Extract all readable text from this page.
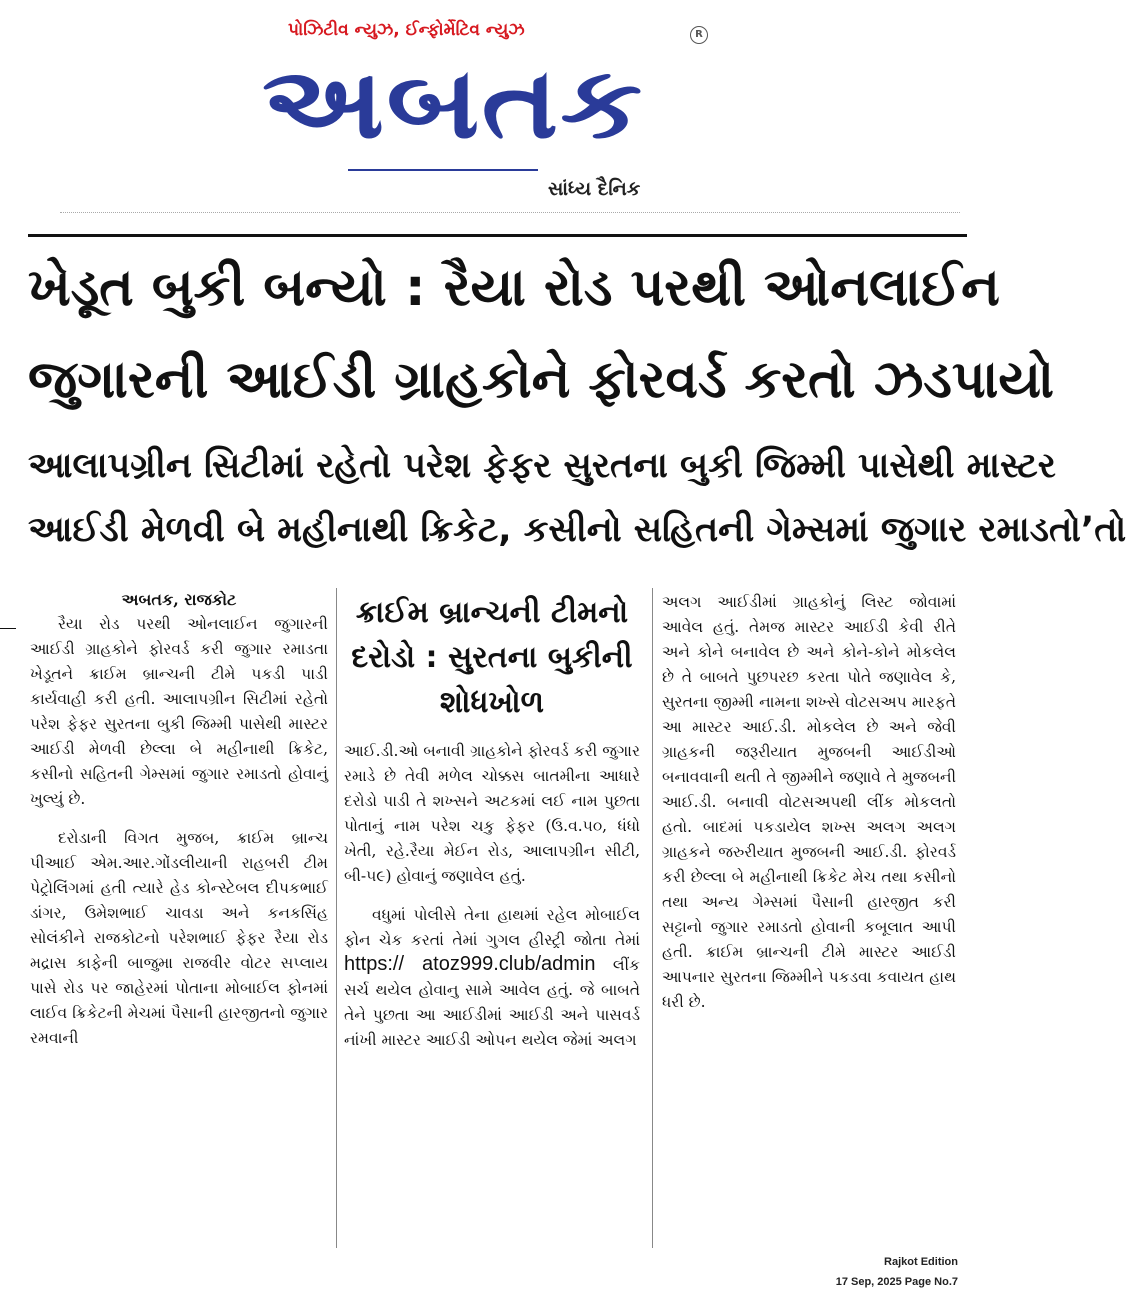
પોઝિટીવ ન્યુઝ, ઈન્ફોર્મેટિવ ન્યુઝ	R
અબતક
સાંધ્ય દૈનિક
ખેડૂત બુકી બન્યો : રૈયા રોડ પરથી ઓનલાઈન
જુગારની આઈડી ગ્રાહકોને ફોરવર્ડ કરતો ઝડપાયો
આલાપગ્રીન સિટીમાં રહેતો પરેશ ફેફર સુરતના બુકી જિમ્મી પાસેથી માસ્ટર
આઈડી મેળવી બે મહીનાથી ક્રિકેટ, કસીનો સહિતની ગેમ્સમાં જુગાર રમાડતો’તો

અબતક, રાજકોટ

રૈયા રોડ પરથી ઓનલાઈન જુગારની આઈડી ગ્રાહકોને ફોરવર્ડ કરી જુગાર રમાડતા ખેડૂતને ક્રાઈમ બ્રાન્ચની ટીમે પકડી પાડી કાર્યવાહી કરી હતી. આલાપગ્રીન સિટીમાં રહેતો પરેશ ફેફર સુરતના બુકી જિમ્મી પાસેથી માસ્ટર આઈડી મેળવી છેલ્લા બે મહીનાથી ક્રિકેટ, કસીનો સહિતની ગેમ્સમાં જુગાર રમાડતો હોવાનું ખુલ્યું છે.

દરોડાની વિગત મુજબ, ક્રાઈમ બ્રાન્ચ પીઆઈ એમ.આર.ગોંડલીયાની રાહબરી ટીમ પેટ્રોલિંગમાં હતી ત્યારે હેડ કોન્સ્ટેબલ દીપકભાઈ ડાંગર, ઉમેશભાઈ ચાવડા અને કનકસિંહ સોલંકીને રાજકોટનો પરેશભાઈ ફેફર રૈયા રોડ મદ્રાસ કાફેની બાજુમા રાજવીર વોટર સપ્લાય પાસે રોડ પર જાહેરમાં પોતાના મોબાઈલ ફોનમાં લાઈવ ક્રિકેટની મેચમાં પૈસાની હારજીતનો જુગાર રમવાની

ક્રાઈમ બ્રાન્ચની ટીમનો દરોડો : સુરતના બુકીની શોધખોળ

આઈ.ડી.ઓ બનાવી ગ્રાહકોને ફોરવર્ડ કરી જુગાર રમાડે છે તેવી મળેલ ચોક્કસ બાતમીના આધારે દરોડો પાડી તે શખ્સને અટકમાં લઈ નામ પુછતા પોતાનું નામ પરેશ ચકુ ફેફર (ઉ.વ.૫૦, ધંધો ખેતી, રહે.રૈયા મેઈન રોડ, આલાપગ્રીન સીટી, બી-૫૯) હોવાનું જણાવેલ હતું.

વધુમાં પોલીસે તેના હાથમાં રહેલ મોબાઈલ ફોન ચેક કરતાં તેમાં ગુગલ હીસ્ટ્રી જોતા તેમાં https:// atoz999.club/admin લીંક સર્ચ થયેલ હોવાનુ સામે આવેલ હતું. જે બાબતે તેને પુછતા આ આઈડીમાં આઈડી અને પાસવર્ડ નાંખી માસ્ટર આઈડી ઓપન થયેલ જેમાં અલગ

અલગ આઈડીમાં ગ્રાહકોનું લિસ્ટ જોવામાં આવેલ હતું. તેમજ માસ્ટર આઈડી કેવી રીતે અને કોને બનાવેલ છે અને કોને-કોને મોકલેલ છે તે બાબતે પુછપરછ કરતા પોતે જણાવેલ કે, સુરતના જીમ્મી નામના શખ્સે વોટસઅપ મારફતે આ માસ્ટર આઈ.ડી. મોકલેલ છે અને જેવી ગ્રાહકની જરૂરીયાત મુજબની આઈડીઓ બનાવવાની થતી તે જીમ્મીને જણાવે તે મુજબની આઈ.ડી. બનાવી વોટસઅપથી લીંક મોકલતો હતો. બાદમાં પકડાયેલ શખ્સ અલગ અલગ ગ્રાહકને જરુરીયાત મુજબની આઈ.ડી. ફોરવર્ડ કરી છેલ્લા બે મહીનાથી ક્રિકેટ મેચ તથા કસીનો તથા અન્ય ગેમ્સમાં પૈસાની હારજીત કરી સટ્ટાનો જુગાર રમાડતો હોવાની કબૂલાત આપી હતી. ક્રાઈમ બ્રાન્ચની ટીમે માસ્ટર આઈડી આપનાર સુરતના જિમ્મીને પકડવા કવાયત હાથ ધરી છે.

Rajkot Edition
17 Sep, 2025 Page No.7
